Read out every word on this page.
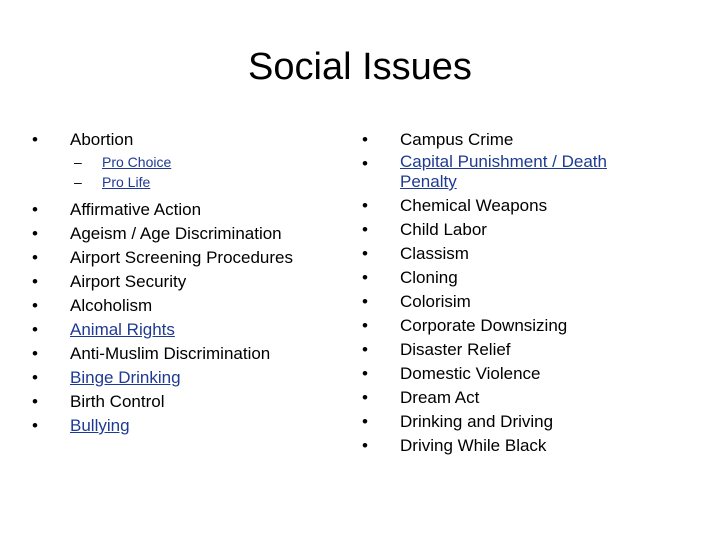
Social Issues
•	Abortion
– Pro Choice
– Pro Life
•	Affirmative Action
•	Ageism / Age Discrimination
•	Airport Screening Procedures
•	Airport Security
•	Alcoholism
•	Animal Rights
•	Anti-Muslim Discrimination
•	Binge Drinking
•	Birth Control
•	Bullying
•	Campus Crime
•	Capital Punishment / Death Penalty
•	Chemical Weapons
•	Child Labor
•	Classism
•	Cloning
•	Colorisim
•	Corporate Downsizing
•	Disaster Relief
•	Domestic Violence
•	Dream Act
•	Drinking and Driving
•	Driving While Black
